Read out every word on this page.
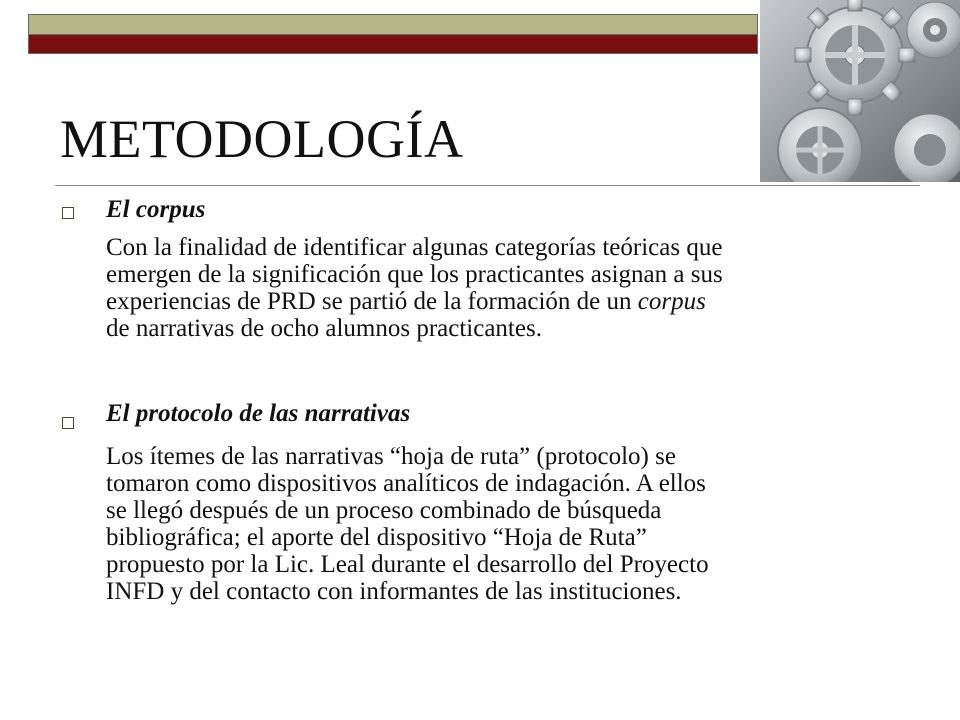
METODOLOGÍA
El corpus
Con la finalidad de identificar algunas categorías teóricas que
emergen de la significación que los practicantes asignan a sus
experiencias de PRD se partió de la formación de un corpus
de narrativas de ocho alumnos practicantes.
El protocolo de las narrativas
Los ítemes de las narrativas “hoja de ruta” (protocolo) se
tomaron como dispositivos analíticos de indagación. A ellos
se llegó después de un proceso combinado de búsqueda
bibliográfica; el aporte del dispositivo “Hoja de Ruta”
propuesto por la Lic. Leal durante el desarrollo del Proyecto
INFD y del contacto con informantes de las instituciones.
